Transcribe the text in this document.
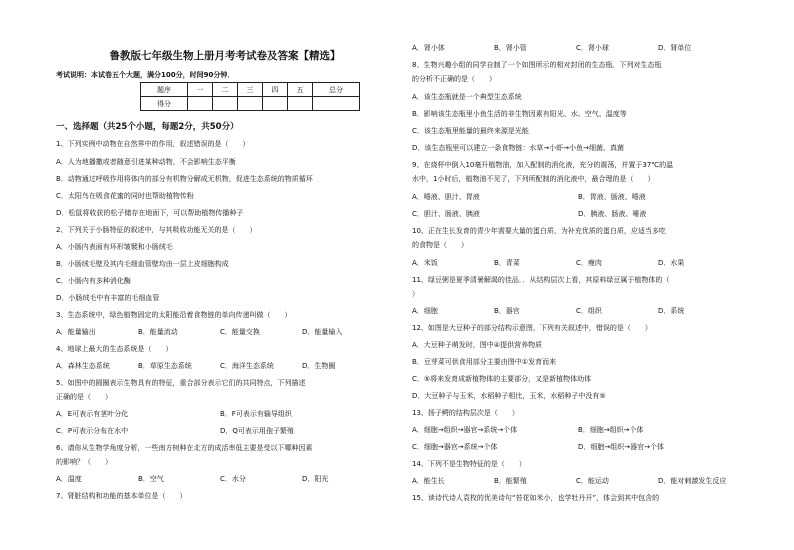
鲁教版七年级生物上册月考考试卷及答案【精选】
考试说明：本试卷五个大题，满分100分，时间90分钟．
题序	一	二	三	四	五	总分
得分						
一、选择题（共25个小题，每题2分，共50分）
1、下列实例中动物在自然界中的作用，叙述错误的是（　　）
A．人为地播撒或者随意引进某种动物，不会影响生态平衡
B．动物通过呼吸作用将体内的部分有机物分解成无机物，促进生态系统的物质循环
C．太阳鸟在吸食花蜜的同时也帮助植物传粉
D．松鼠将收获的松子储存在地面下，可以帮助植物传播种子
2、下列关于小肠特征的叙述中，与其吸收功能无关的是（　　）
A．小肠内表面有环形皱襞和小肠绒毛
B．小肠绒毛壁及其内毛细血管壁均由一层上皮细胞构成
C．小肠内有多种消化酶
D．小肠绒毛中有丰富的毛细血管
3、生态系统中，绿色植物固定的太阳能沿着食物链的单向传递叫做（　　）
A．能量输出	B．能量流动	C．能量交换	D．能量输入
4、地球上最大的生态系统是（　　）
A．森林生态系统	B．草原生态系统	C．海洋生态系统	D．生物圈
5、如图中的圆圈表示生物具有的特征，重合部分表示它们的共同特点，下列描述
正确的是（　　）
A．E可表示有茎叶分化	B．F可表示有输导组织
C．P可表示分布在水中	D．Q可表示用孢子繁殖
6、请你从生物学角度分析，一些南方树种在北方的成活率低主要是受以下哪种因素
的影响？（　　）
A．温度	B．空气	C．水分	D．阳光
7、肾脏结构和功能的基本单位是（　　）
A．肾小体	B．肾小管	C．肾小球	D．肾单位
8、生物兴趣小组的同学自制了一个如图所示的相对封闭的生态瓶．下列对生态瓶
的分析不正确的是（　　）
A．该生态瓶就是一个典型生态系统
B．影响该生态瓶里小鱼生活的非生物因素有阳光、水、空气、温度等
C．该生态瓶里能量的最终来源是光能
D．该生态瓶里可以建立一条食物链：水草→小虾→小鱼→细菌、真菌
9、在烧杯中倒入10毫升植物油，加入配制的消化液，充分的震荡，并置于37℃的温
水中，1小时后，植物油不见了，下列所配制的消化液中，最合理的是（　　）
A．唾液、胆汁、胃液	B．胃液、肠液、唾液
C．胆汁、肠液、胰液	D．胰液、肠液、唾液
10、正在生长发育的青少年需要大量的蛋白质，为补充优质的蛋白质，应适当多吃
的食物是（　　）
A．米饭	B．青菜	C．瘦肉	D．水果
11、绿豆粥是夏季清暑解渴的佳品．．从结构层次上看，其原料绿豆属于植物体的（
）
A．细胞	B．器官	C．组织	D．系统
12、如图是大豆种子的部分结构示意图，下列有关叙述中，错误的是（　　）
A．大豆种子萌发时，图中④提供营养物质
B．豆芽菜可供食用部分主要由图中①发育而来
C．⑤将来发育成新植物体的主要部分，又是新植物体幼体
D．大豆种子与玉米，水稻种子相比，玉米，水稻种子中没有⑤
13、扬子鳄的结构层次是（　　）
A．细胞→组织→器官→系统→个体	B．细胞→组织→个体
C．细胞→器官→系统→个体	D．细胞→组织→器官→个体
14、下列不是生物特征的是（　　）
A．能生长	B．能繁殖	C．能运动	D．能对刺激发生反应
15、读诗代诗人袁枚的优美诗句“苔花如米小，也学牡丹开”，体会到其中包含的
